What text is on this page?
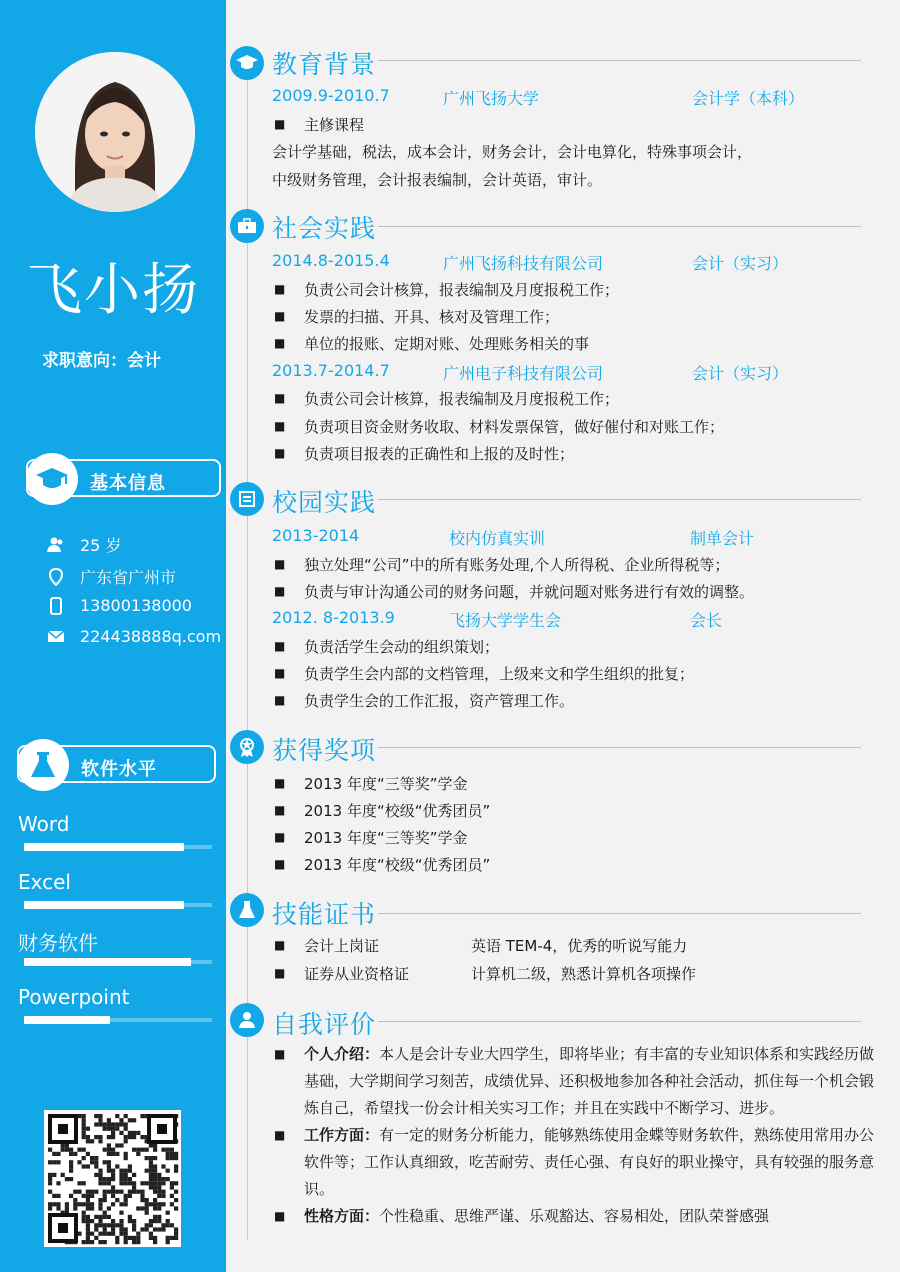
飞小扬
求职意向：会计
基本信息
25 岁
广东省广州市
13800138000
224438888q.com
软件水平
Word
Excel
财务软件
Powerpoint
教育背景
2009.9-2010.7	广州飞扬大学	会计学（本科）
■	主修课程
会计学基础，税法，成本会计，财务会计，会计电算化，特殊事项会计，
中级财务管理，会计报表编制，会计英语，审计。
社会实践
2014.8-2015.4	广州飞扬科技有限公司	会计（实习）
■	负责公司会计核算，报表编制及月度报税工作；
■	发票的扫描、开具、核对及管理工作；
■	单位的报账、定期对账、处理账务相关的事
2013.7-2014.7	广州电子科技有限公司	会计（实习）
■	负责公司会计核算，报表编制及月度报税工作；
■	负责项目资金财务收取、材料发票保管，做好催付和对账工作；
■	负责项目报表的正确性和上报的及时性；
校园实践
2013-2014	校内仿真实训	制单会计
■	独立处理“公司”中的所有账务处理,个人所得税、企业所得税等；
■	负责与审计沟通公司的财务问题，并就问题对账务进行有效的调整。
2012. 8-2013.9	飞扬大学学生会	会长
■	负责活学生会动的组织策划；
■	负责学生会内部的文档管理，上级来文和学生组织的批复；
■	负责学生会的工作汇报，资产管理工作。
获得奖项
■	2013 年度“三等奖”学金
■	2013 年度“校级“优秀团员”
■	2013 年度“三等奖”学金
■	2013 年度“校级“优秀团员”
技能证书
■	会计上岗证	英语 TEM-4，优秀的听说写能力
■	证券从业资格证	计算机二级，熟悉计算机各项操作
自我评价
■ 个人介绍：本人是会计专业大四学生，即将毕业；有丰富的专业知识体系和实践经历做基础，大学期间学习刻苦，成绩优异、还积极地参加各种社会活动，抓住每一个机会锻炼自己，希望找一份会计相关实习工作；并且在实践中不断学习、进步。
■ 工作方面：有一定的财务分析能力，能够熟练使用金蝶等财务软件，熟练使用常用办公软件等；工作认真细致，吃苦耐劳、责任心强、有良好的职业操守，具有较强的服务意识。
■ 性格方面：个性稳重、思维严谨、乐观豁达、容易相处，团队荣誉感强
